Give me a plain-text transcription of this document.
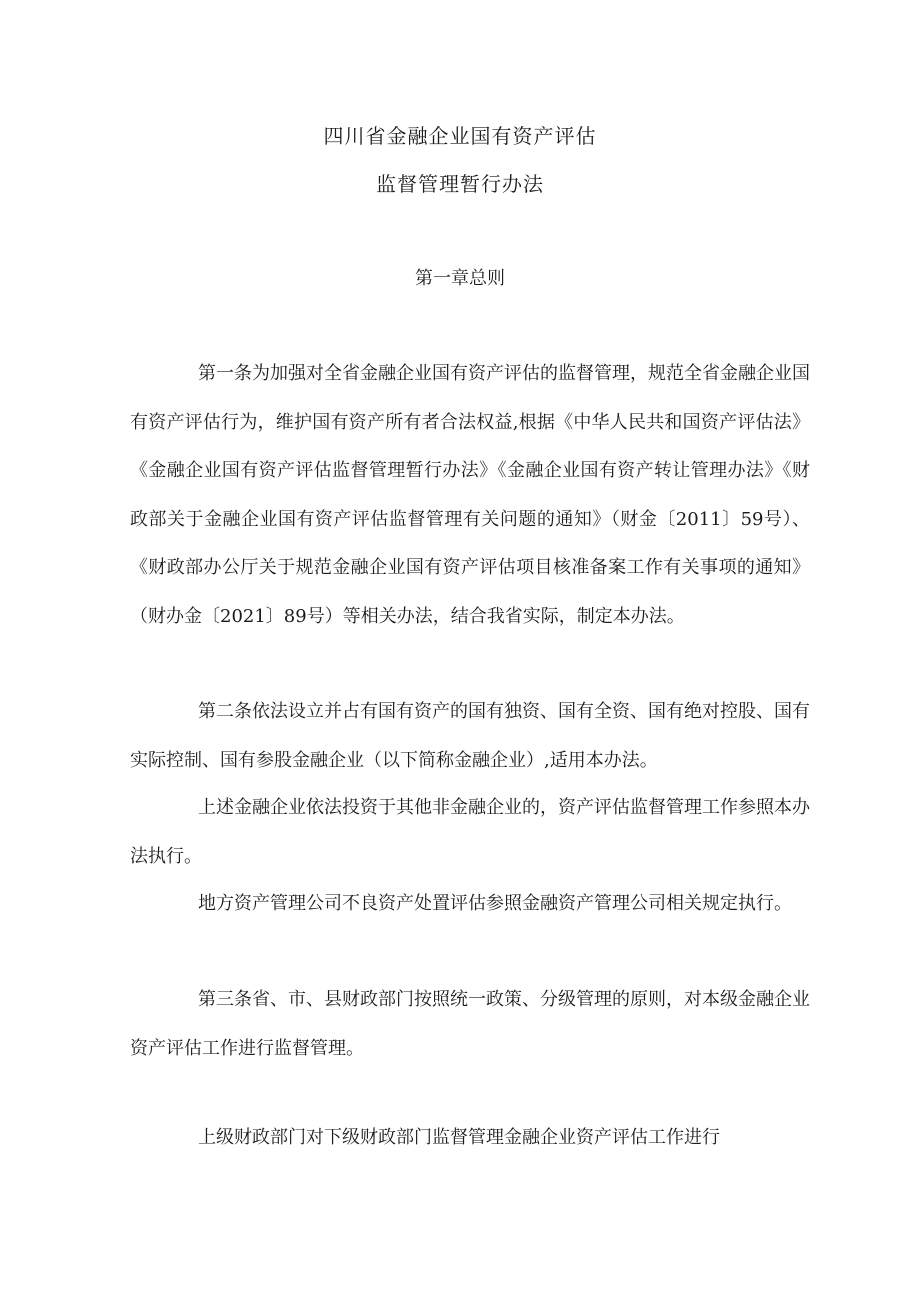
四川省金融企业国有资产评估
监督管理暂行办法
第一章总则

第一条为加强对全省金融企业国有资产评估的监督管理，规范全省金融企业国有资产评估行为，维护国有资产所有者合法权益,根据《中华人民共和国资产评估法》《金融企业国有资产评估监督管理暂行办法》《金融企业国有资产转让管理办法》《财政部关于金融企业国有资产评估监督管理有关问题的通知》（财金〔2011〕59号）、《财政部办公厅关于规范金融企业国有资产评估项目核准备案工作有关事项的通知》（财办金〔2021〕89号）等相关办法，结合我省实际，制定本办法。

第二条依法设立并占有国有资产的国有独资、国有全资、国有绝对控股、国有实际控制、国有参股金融企业（以下简称金融企业）,适用本办法。

上述金融企业依法投资于其他非金融企业的，资产评估监督管理工作参照本办法执行。

地方资产管理公司不良资产处置评估参照金融资产管理公司相关规定执行。

第三条省、市、县财政部门按照统一政策、分级管理的原则，对本级金融企业资产评估工作进行监督管理。

上级财政部门对下级财政部门监督管理金融企业资产评估工作进行
